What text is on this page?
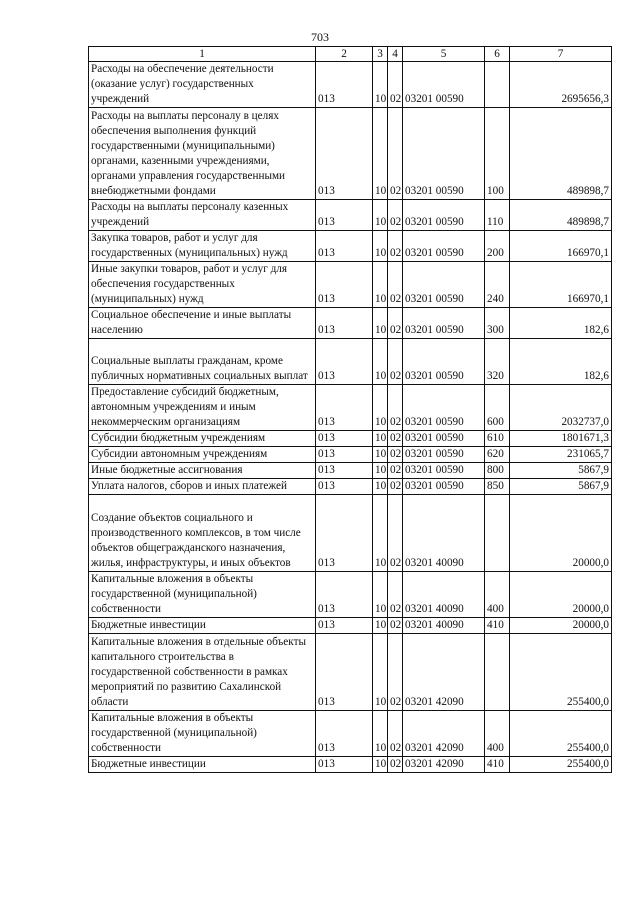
703
1	2	3	4	5	6	7
Расходы на обеспечение деятельности (оказание услуг) государственных учреждений	013	10	02	03201 00590		2695656,3
Расходы на выплаты персоналу в целях обеспечения выполнения функций государственными (муниципальными) органами, казенными учреждениями, органами управления государственными внебюджетными фондами	013	10	02	03201 00590	100	489898,7
Расходы на выплаты персоналу казенных учреждений	013	10	02	03201 00590	110	489898,7
Закупка товаров, работ и услуг для государственных (муниципальных) нужд	013	10	02	03201 00590	200	166970,1
Иные закупки товаров, работ и услуг для обеспечения государственных (муниципальных) нужд	013	10	02	03201 00590	240	166970,1
Социальное обеспечение и иные выплаты населению	013	10	02	03201 00590	300	182,6
Социальные выплаты гражданам, кроме публичных нормативных социальных выплат	013	10	02	03201 00590	320	182,6
Предоставление субсидий бюджетным, автономным учреждениям и иным некоммерческим организациям	013	10	02	03201 00590	600	2032737,0
Субсидии бюджетным учреждениям	013	10	02	03201 00590	610	1801671,3
Субсидии автономным учреждениям	013	10	02	03201 00590	620	231065,7
Иные бюджетные ассигнования	013	10	02	03201 00590	800	5867,9
Уплата налогов, сборов и иных платежей	013	10	02	03201 00590	850	5867,9
Создание объектов социального и производственного комплексов, в том числе объектов общегражданского назначения, жилья, инфраструктуры, и иных объектов	013	10	02	03201 40090		20000,0
Капитальные вложения в объекты государственной (муниципальной) собственности	013	10	02	03201 40090	400	20000,0
Бюджетные инвестиции	013	10	02	03201 40090	410	20000,0
Капитальные вложения в отдельные объекты капитального строительства в государственной собственности в рамках мероприятий по развитию Сахалинской области	013	10	02	03201 42090		255400,0
Капитальные вложения в объекты государственной (муниципальной) собственности	013	10	02	03201 42090	400	255400,0
Бюджетные инвестиции	013	10	02	03201 42090	410	255400,0
